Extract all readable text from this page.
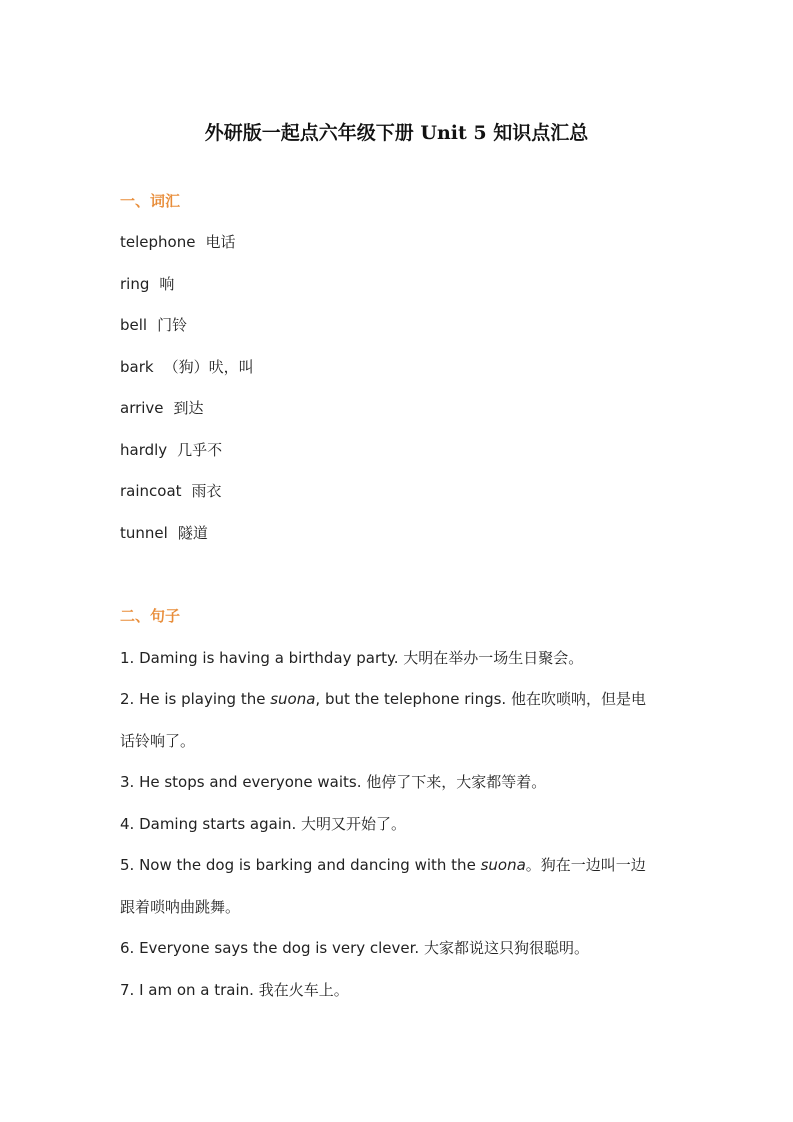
外研版一起点六年级下册 Unit 5 知识点汇总
一、词汇
telephone 电话
ring 响
bell 门铃
bark （狗）吠，叫
arrive 到达
hardly 几乎不
raincoat 雨衣
tunnel 隧道
二、句子
1. Daming is having a birthday party. 大明在举办一场生日聚会。
2. He is playing the suona, but the telephone rings. 他在吹唢呐，但是电
话铃响了。
3. He stops and everyone waits. 他停了下来，大家都等着。
4. Daming starts again. 大明又开始了。
5. Now the dog is barking and dancing with the suona。狗在一边叫一边
跟着唢呐曲跳舞。
6. Everyone says the dog is very clever. 大家都说这只狗很聪明。
7. I am on a train. 我在火车上。
